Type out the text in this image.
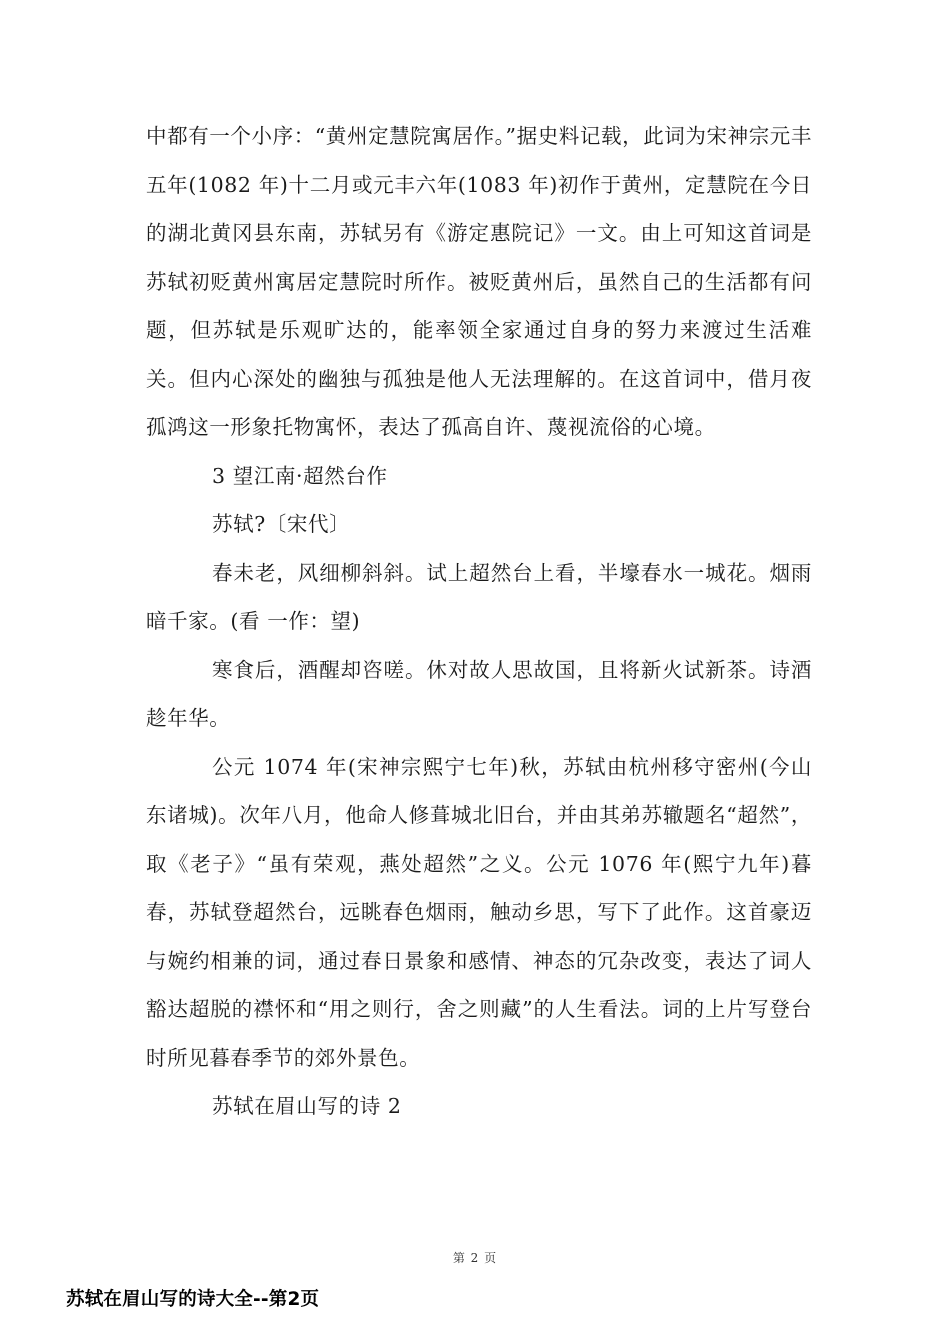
中都有一个小序：“黄州定慧院寓居作。”据史料记载，此词为宋神宗元丰五年(1082 年)十二月或元丰六年(1083 年)初作于黄州，定慧院在今日的湖北黄冈县东南，苏轼另有《游定惠院记》一文。由上可知这首词是苏轼初贬黄州寓居定慧院时所作。被贬黄州后，虽然自己的生活都有问题，但苏轼是乐观旷达的，能率领全家通过自身的努力来渡过生活难关。但内心深处的幽独与孤独是他人无法理解的。在这首词中，借月夜孤鸿这一形象托物寓怀，表达了孤高自许、蔑视流俗的心境。

3 望江南·超然台作

苏轼?〔宋代〕

春未老，风细柳斜斜。试上超然台上看，半壕春水一城花。烟雨暗千家。(看 一作：望)

寒食后，酒醒却咨嗟。休对故人思故国，且将新火试新茶。诗酒趁年华。

公元 1074 年(宋神宗熙宁七年)秋，苏轼由杭州移守密州(今山东诸城)。次年八月，他命人修葺城北旧台，并由其弟苏辙题名“超然”，取《老子》“虽有荣观，燕处超然”之义。公元 1076 年(熙宁九年)暮春，苏轼登超然台，远眺春色烟雨，触动乡思，写下了此作。这首豪迈与婉约相兼的词，通过春日景象和感情、神态的冗杂改变，表达了词人豁达超脱的襟怀和“用之则行，舍之则藏”的人生看法。词的上片写登台时所见暮春季节的郊外景色。

苏轼在眉山写的诗 2

第 2 页
苏轼在眉山写的诗大全--第2页
